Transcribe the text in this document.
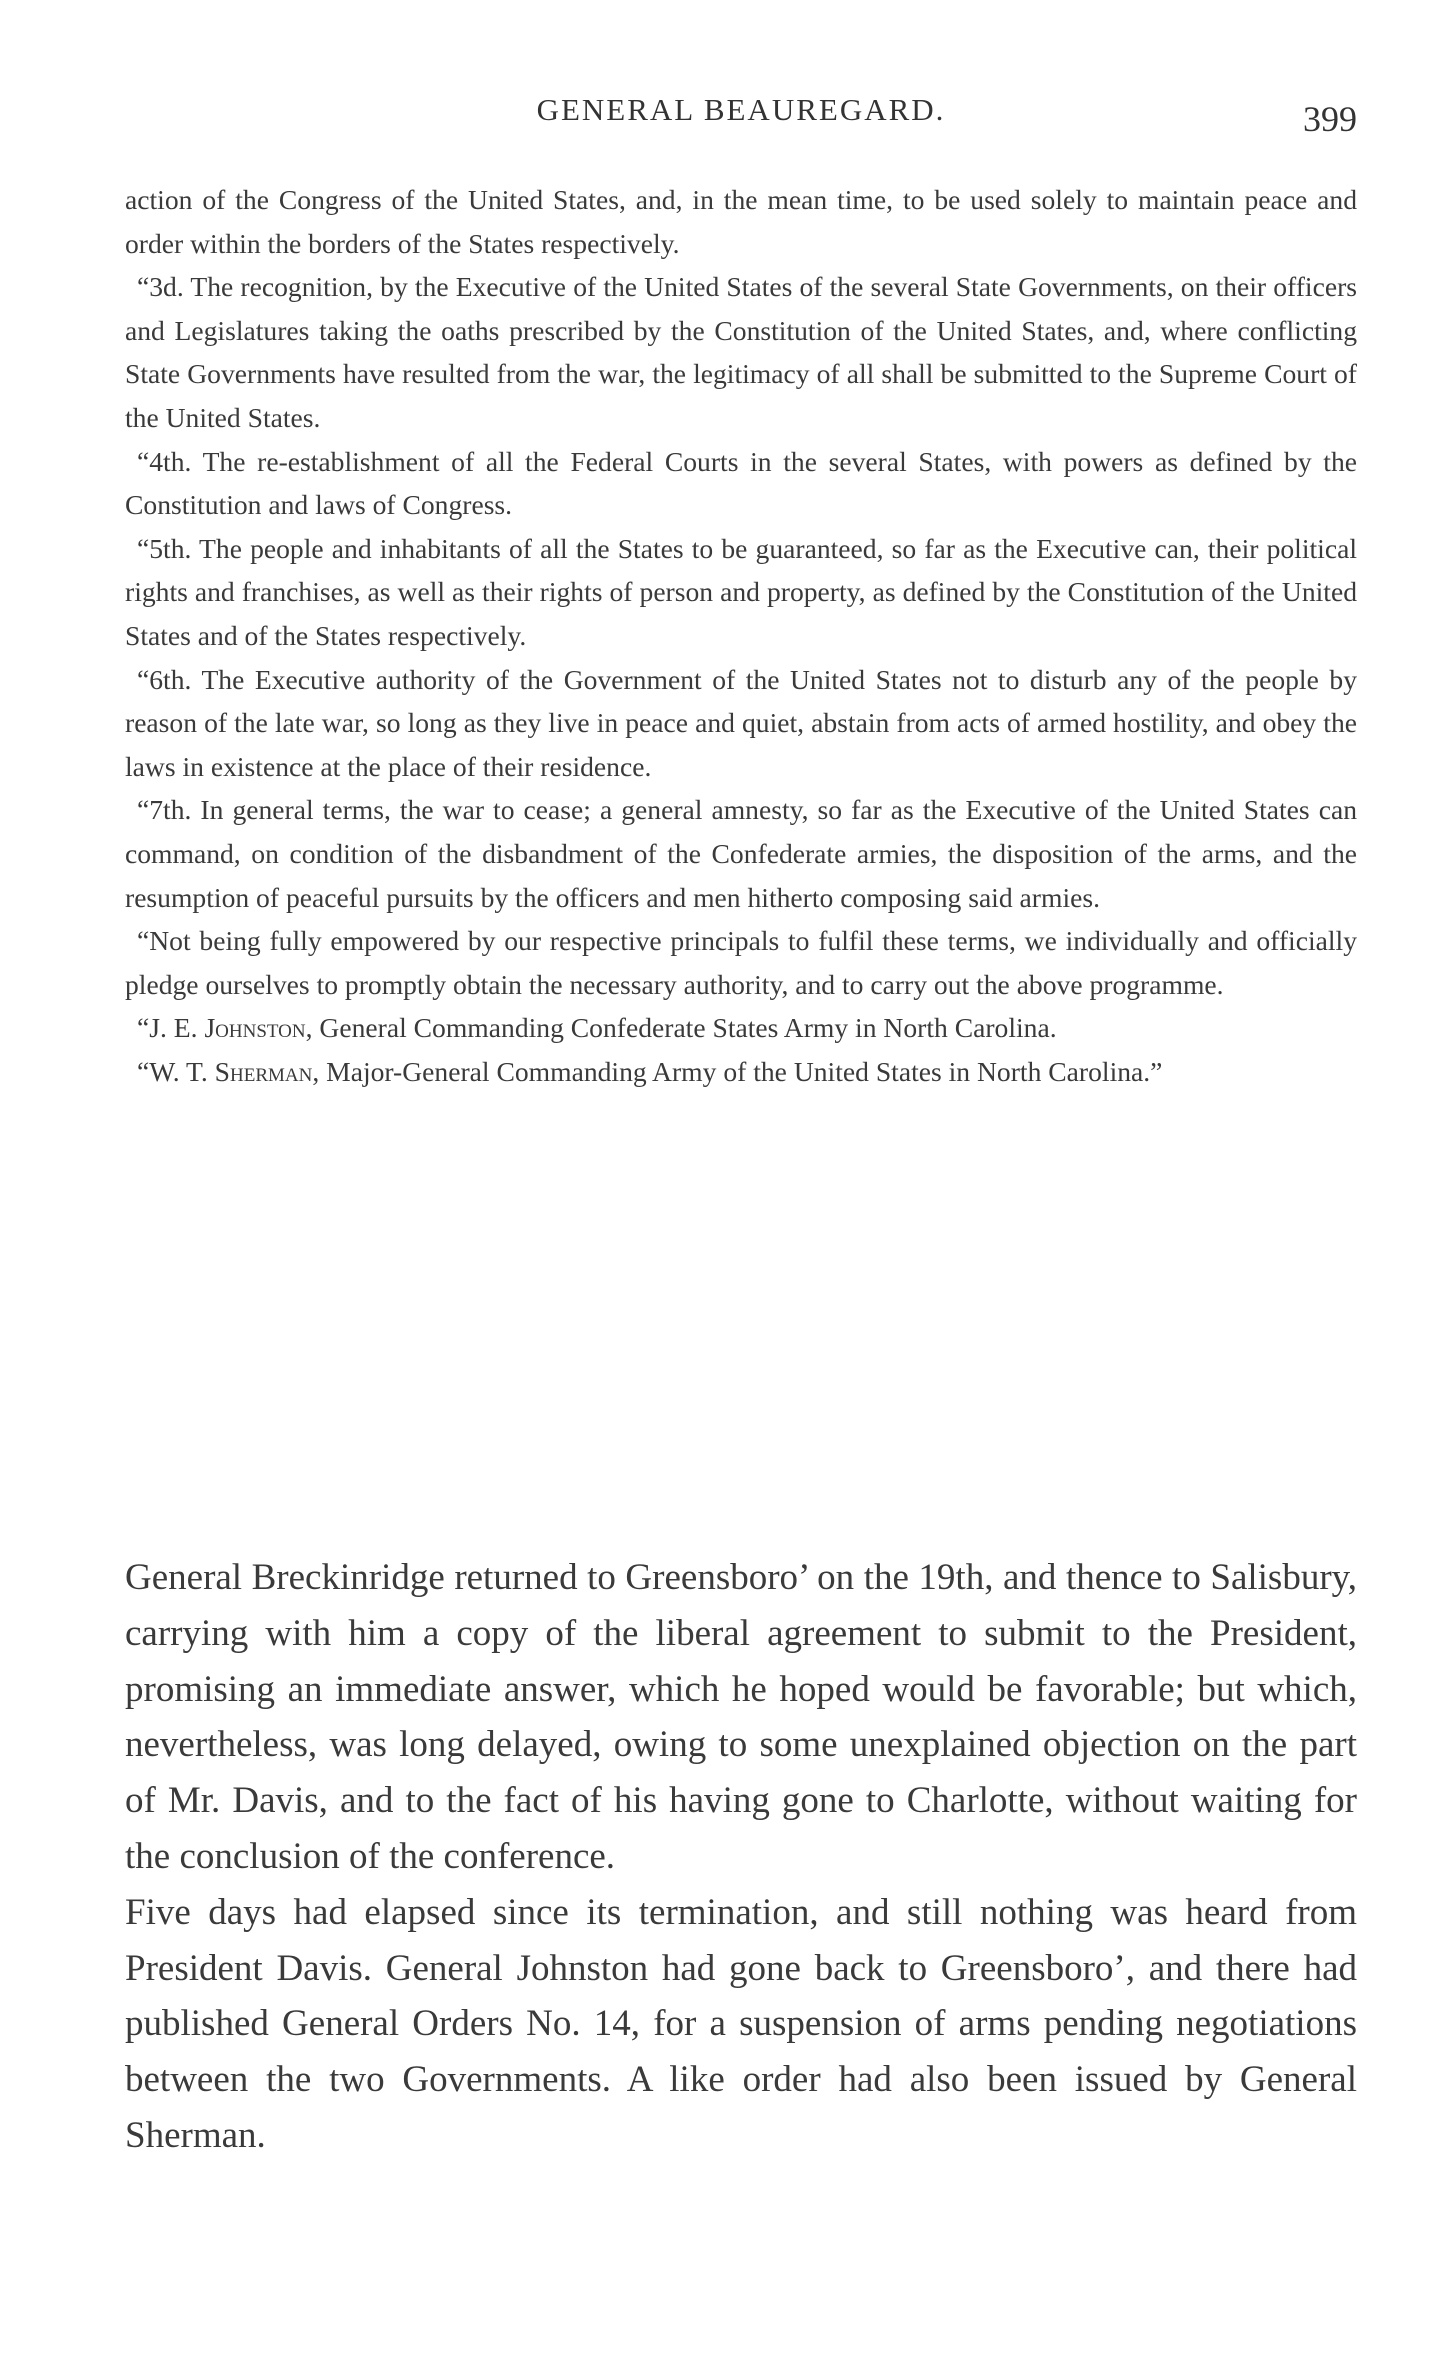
GENERAL BEAUREGARD.	399

action of the Congress of the United States, and, in the mean time, to be used solely to maintain peace and order within the borders of the States respectively.

“3d. The recognition, by the Executive of the United States of the several State Governments, on their officers and Legislatures taking the oaths prescribed by the Constitution of the United States, and, where conflicting State Governments have resulted from the war, the legitimacy of all shall be submitted to the Supreme Court of the United States.

“4th. The re-establishment of all the Federal Courts in the several States, with powers as defined by the Constitution and laws of Congress.

“5th. The people and inhabitants of all the States to be guaranteed, so far as the Executive can, their political rights and franchises, as well as their rights of person and property, as defined by the Constitution of the United States and of the States respectively.

“6th. The Executive authority of the Government of the United States not to disturb any of the people by reason of the late war, so long as they live in peace and quiet, abstain from acts of armed hostility, and obey the laws in existence at the place of their residence.

“7th. In general terms, the war to cease; a general amnesty, so far as the Executive of the United States can command, on condition of the disbandment of the Confederate armies, the disposition of the arms, and the resumption of peaceful pursuits by the officers and men hitherto composing said armies.

“Not being fully empowered by our respective principals to fulfil these terms, we individually and officially pledge ourselves to promptly obtain the necessary authority, and to carry out the above programme.

“J. E. Johnston, General Commanding Confederate States Army in North Carolina.

“W. T. Sherman, Major-General Commanding Army of the United States in North Carolina.”

General Breckinridge returned to Greensboro’ on the 19th, and thence to Salisbury, carrying with him a copy of the liberal agreement to submit to the President, promising an immediate answer, which he hoped would be favorable; but which, nevertheless, was long delayed, owing to some unexplained objection on the part of Mr. Davis, and to the fact of his having gone to Charlotte, without waiting for the conclusion of the conference.

Five days had elapsed since its termination, and still nothing was heard from President Davis. General Johnston had gone back to Greensboro’, and there had published General Orders No. 14, for a suspension of arms pending negotiations between the two Governments. A like order had also been issued by General Sherman.
